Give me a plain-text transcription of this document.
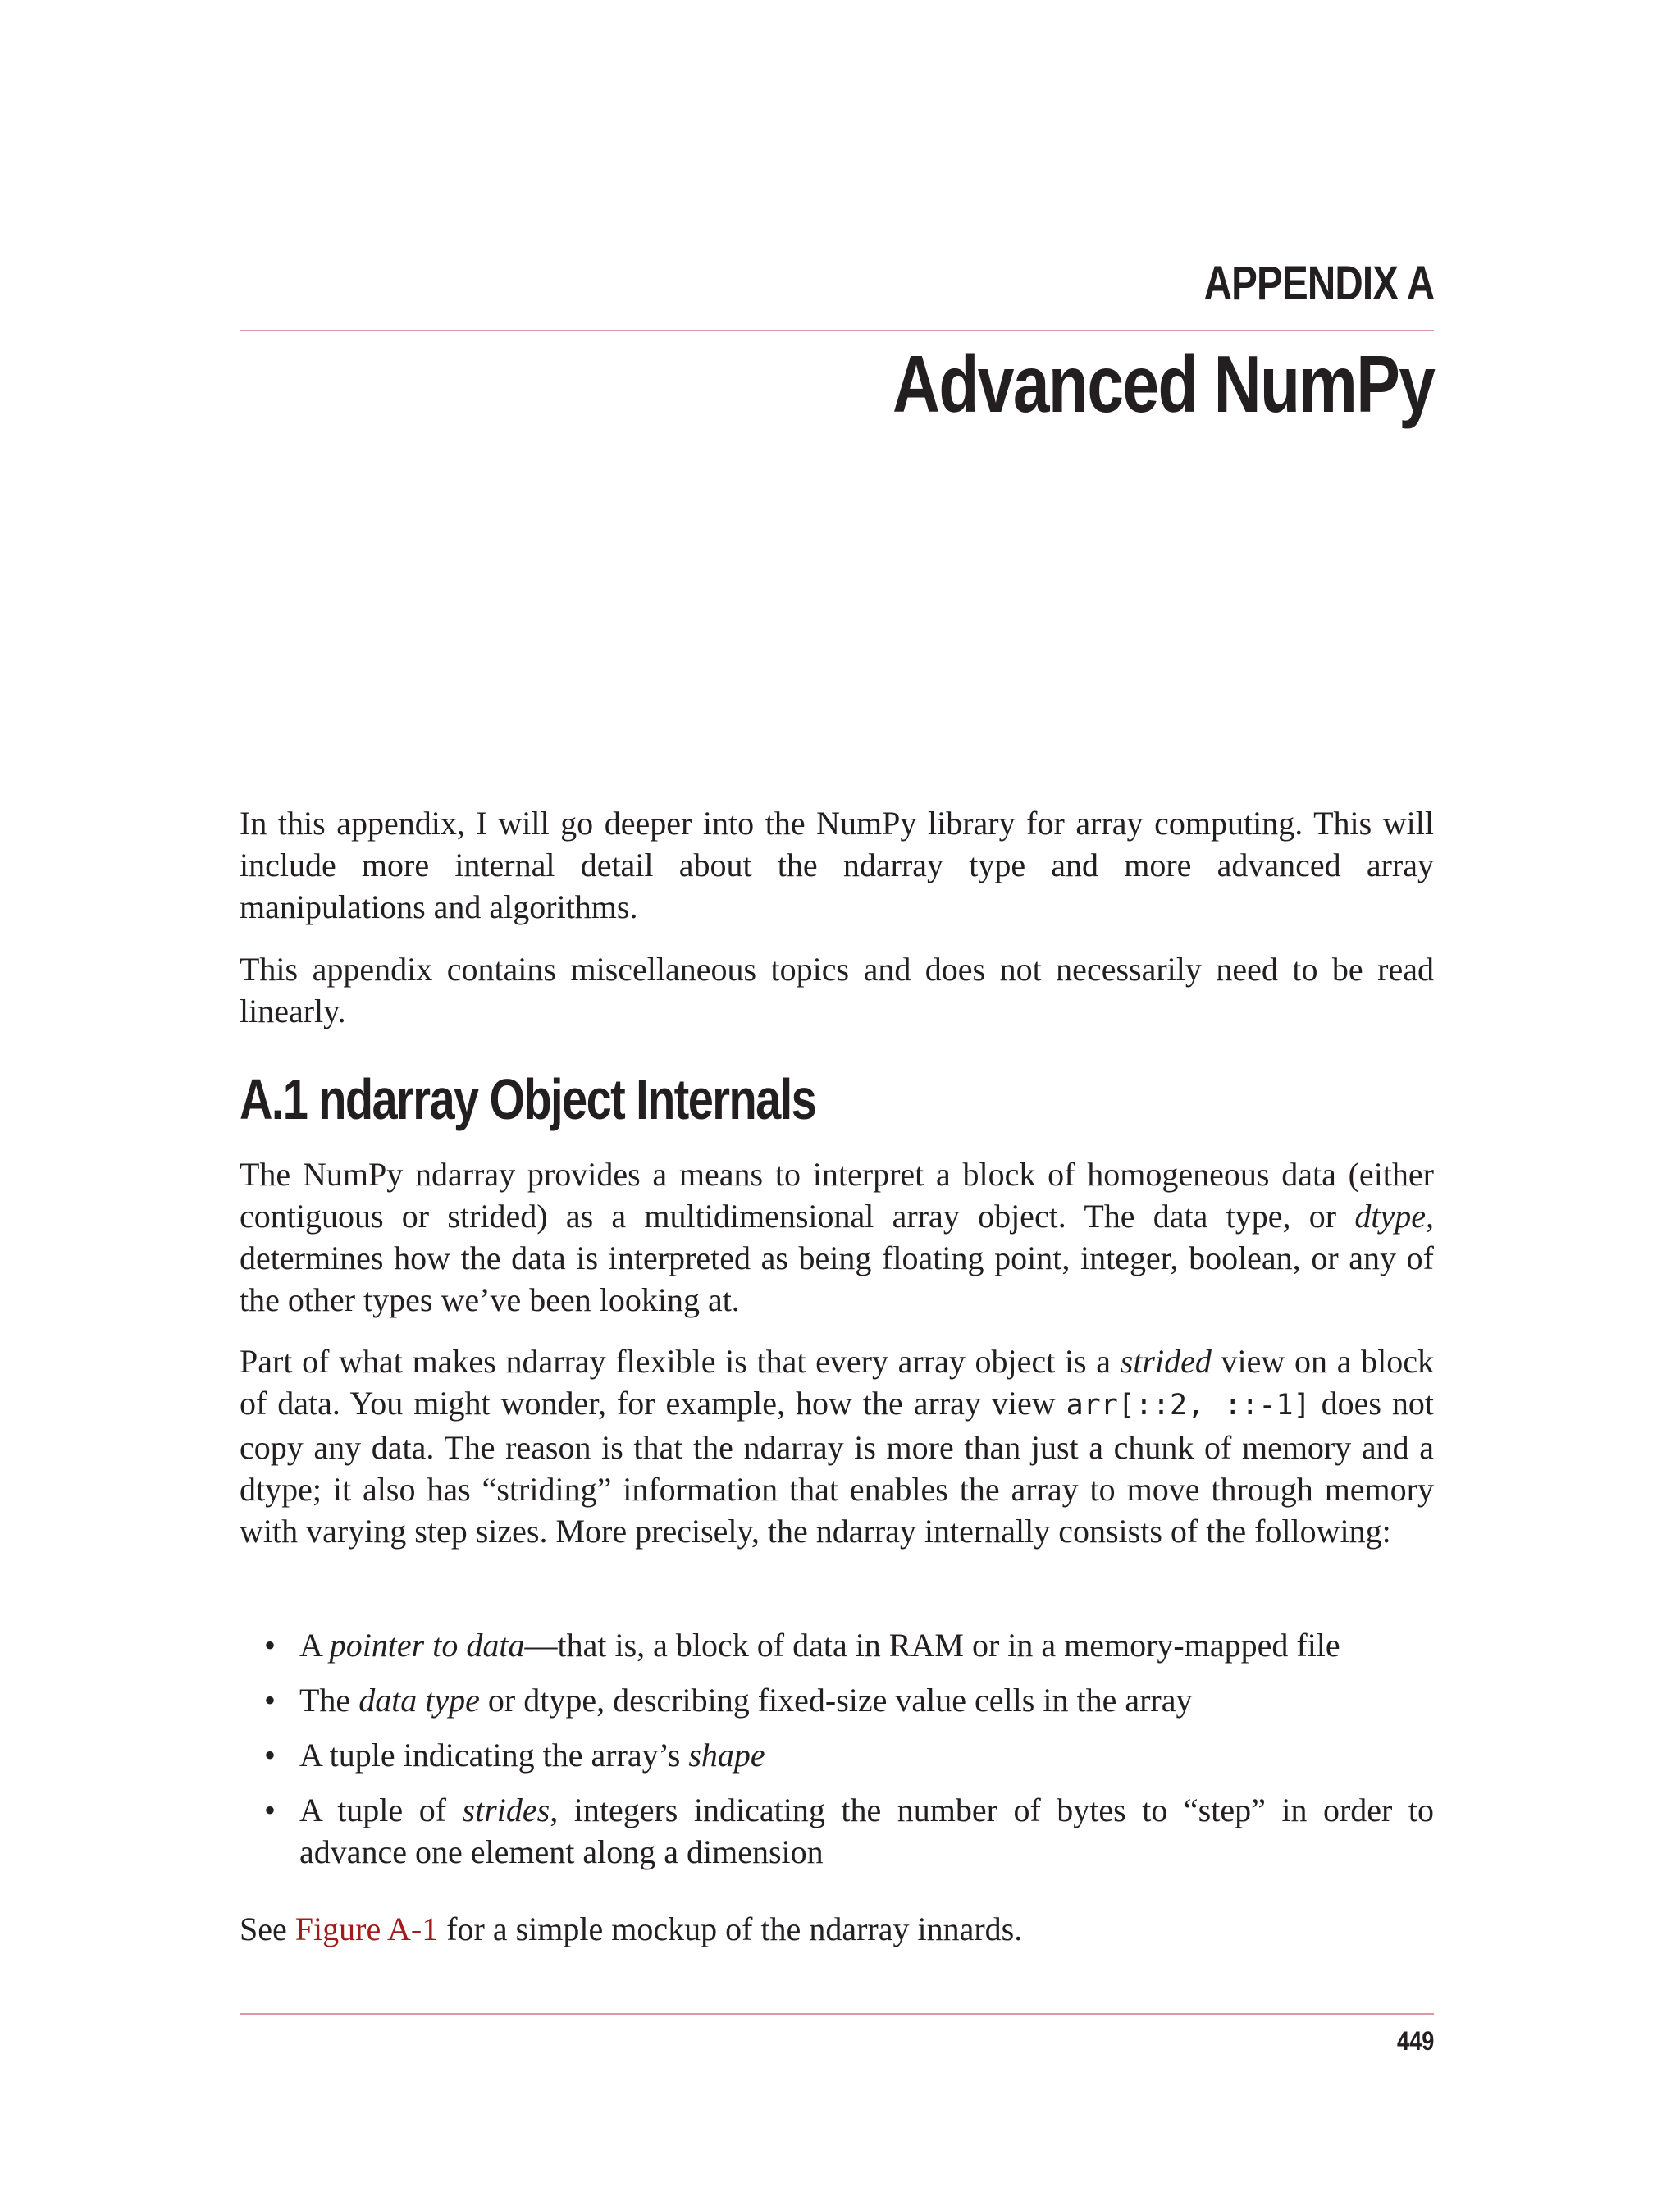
APPENDIX A
Advanced NumPy

In this appendix, I will go deeper into the NumPy library for array computing. This will include more internal detail about the ndarray type and more advanced array manipulations and algorithms.

This appendix contains miscellaneous topics and does not necessarily need to be read linearly.

A.1 ndarray Object Internals

The NumPy ndarray provides a means to interpret a block of homogeneous data (either contiguous or strided) as a multidimensional array object. The data type, or dtype, determines how the data is interpreted as being floating point, integer, boolean, or any of the other types we’ve been looking at.

Part of what makes ndarray flexible is that every array object is a strided view on a block of data. You might wonder, for example, how the array view arr[::2, ::-1] does not copy any data. The reason is that the ndarray is more than just a chunk of memory and a dtype; it also has “striding” information that enables the array to move through memory with varying step sizes. More precisely, the ndarray internally consists of the following:

• A pointer to data—that is, a block of data in RAM or in a memory-mapped file
• The data type or dtype, describing fixed-size value cells in the array
• A tuple indicating the array’s shape
• A tuple of strides, integers indicating the number of bytes to “step” in order to advance one element along a dimension

See Figure A-1 for a simple mockup of the ndarray innards.

449
